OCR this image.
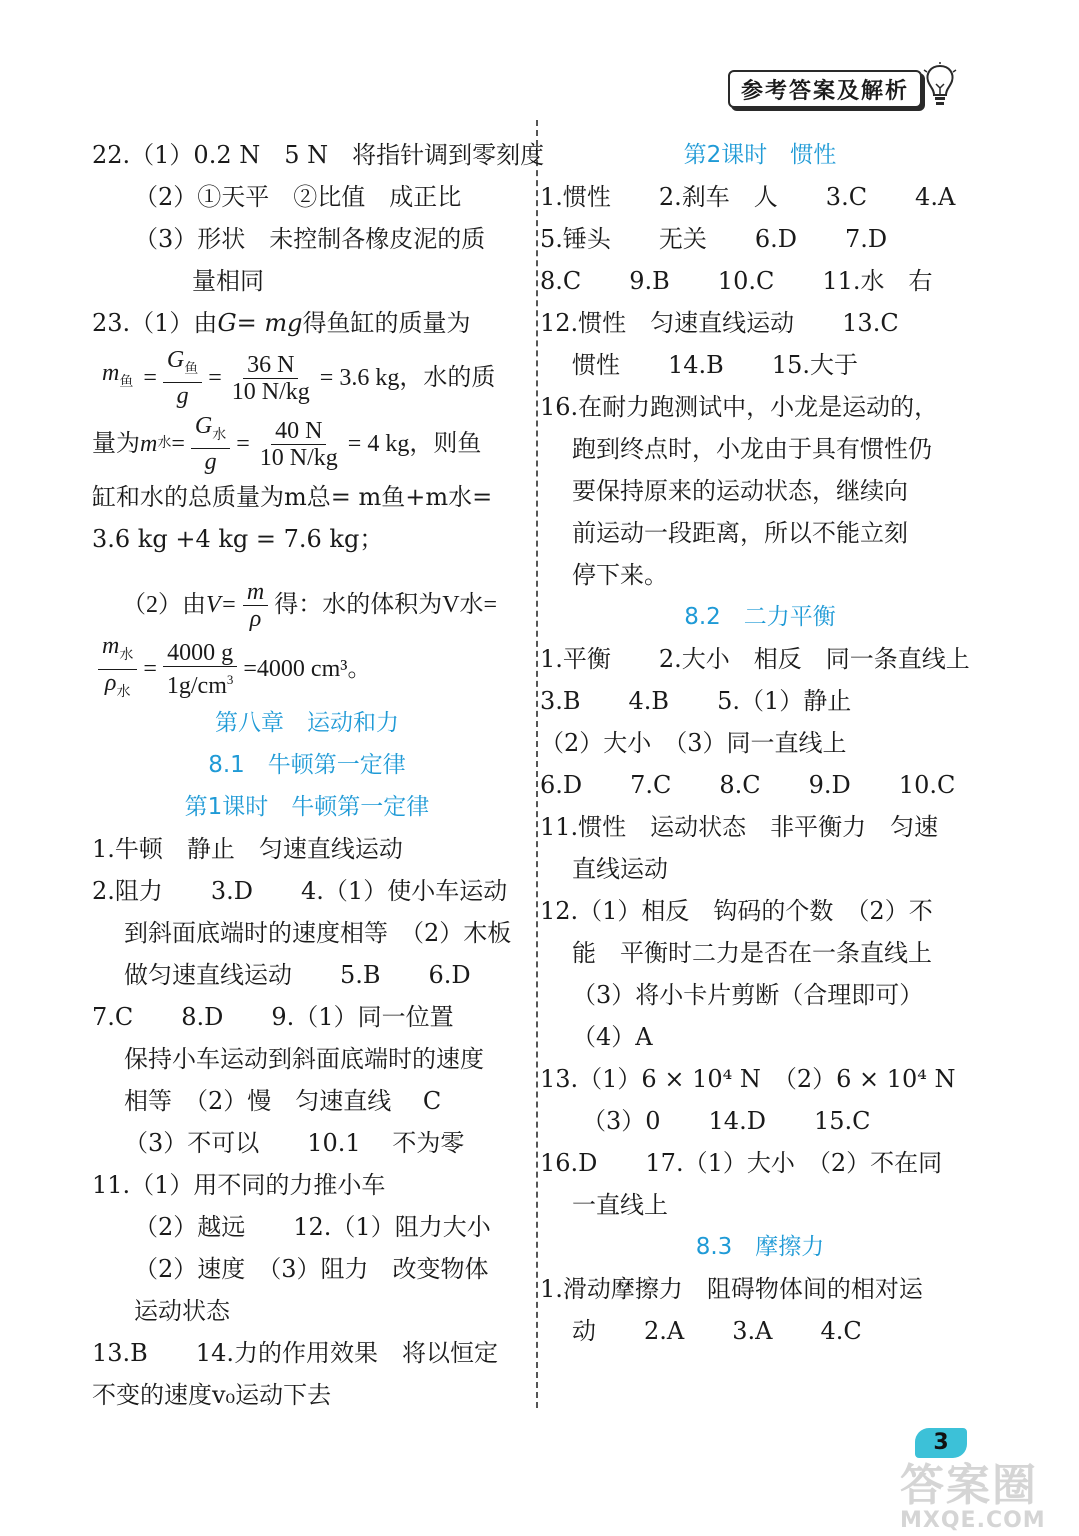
参考答案及解析
22.（1）0.2 N　5 N　将指针调到零刻度
（2）①天平　②比值　成正比
（3）形状　未控制各橡皮泥的质
量相同
23.（1）由G= mg得鱼缸的质量为
$m_鱼 = \frac{G_鱼}{g} = \frac{36 N}{10 N/kg} = 3.6$ kg，水的质
量为 m 水 = $\frac{G_水}{g} = \frac{40 N}{10 N/kg} = 4$ kg，则鱼
缸和水的总质量为m总= m鱼+m水=
3.6 kg +4 kg = 7.6 kg；
（2）由 $V= \frac{m}{\rho}$ 得：水的体积为V水=
$\frac{m_水}{\rho_水} = \frac{4000 g}{1g/cm^3} =4000$ cm³。
第八章　运动和力
8.1　牛顿第一定律
第1课时　牛顿第一定律
1.牛顿　静止　匀速直线运动
2.阻力　　3.D　　4.（1）使小车运动
到斜面底端时的速度相等　（2）木板
做匀速直线运动　　5.B　　6.D
7.C　　8.D　　9.（1）同一位置
保持小车运动到斜面底端时的速度
相等　（2）慢　匀速直线　 C
（3）不可以　　10.1　 不为零
11.（1）用不同的力推小车
（2）越远　　12.（1）阻力大小
（2）速度　（3）阻力　改变物体
运动状态
13.B　　14.力的作用效果　将以恒定
不变的速度v₀运动下去
第2课时　惯性
1.惯性　　2.刹车　人　　3.C　　4.A
5.锤头　　无关　　6.D　　7.D
8.C　　9.B　　10.C　　11.水　右
12.惯性　匀速直线运动　　13.C
惯性　　14.B　　15.大于
16.在耐力跑测试中，小龙是运动的，
跑到终点时，小龙由于具有惯性仍
要保持原来的运动状态，继续向
前运动一段距离，所以不能立刻
停下来。
8.2　二力平衡
1.平衡　　2.大小　相反　同一条直线上
3.B　　4.B　　5.（1）静止
（2）大小　（3）同一直线上
6.D　　7.C　　8.C　　9.D　　10.C
11.惯性　运动状态　非平衡力　匀速
直线运动
12.（1）相反　钩码的个数　（2）不
能　平衡时二力是否在一条直线上
（3）将小卡片剪断（合理即可）
（4）A
13.（1）6 × 10⁴ N　（2）6 × 10⁴ N
（3）0　　14.D　　15.C
16.D　　17.（1）大小　（2）不在同
一直线上
8.3　摩擦力
1.滑动摩擦力　阻碍物体间的相对运
动　　2.A　　3.A　　4.C
3
答案圈
MXQE.COM
